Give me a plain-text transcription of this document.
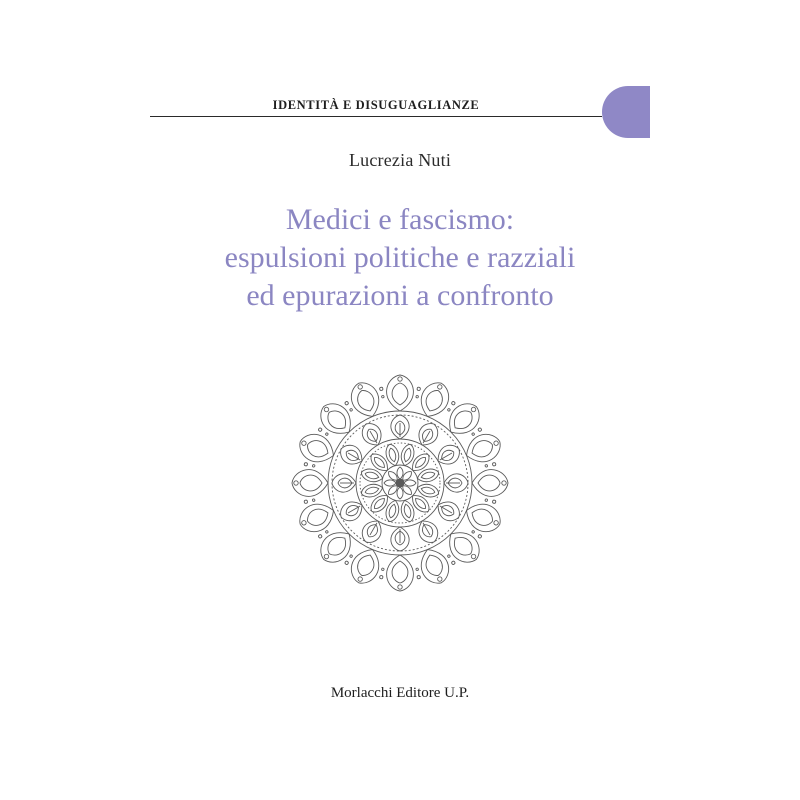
IDENTITÀ E DISUGUAGLIANZE
Lucrezia Nuti
Medici e fascismo:
espulsioni politiche e razziali
ed epurazioni a confronto
Morlacchi Editore U.P.
